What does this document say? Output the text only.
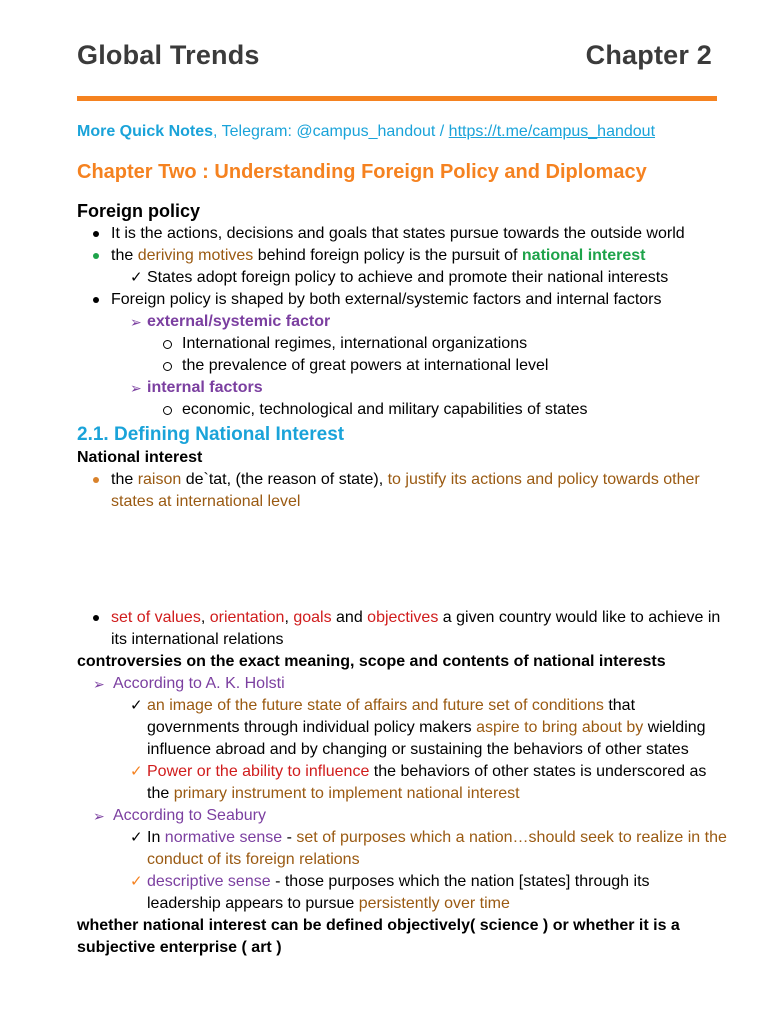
Global Trends	Chapter 2
More Quick Notes, Telegram: @campus_handout / https://t.me/campus_handout
Chapter Two : Understanding Foreign Policy and Diplomacy
Foreign policy
It is the actions, decisions and goals that states pursue towards the outside world
the deriving motives behind foreign policy is the pursuit of national interest
✓ States adopt foreign policy to achieve and promote their national interests
Foreign policy is shaped by both external/systemic factors and internal factors
➢ external/systemic factor
International regimes, international organizations
the prevalence of great powers at international level
➢ internal factors
economic, technological and military capabilities of states
2.1. Defining National Interest
National interest
the raison de`tat, (the reason of state), to justify its actions and policy towards other states at international level
set of values, orientation, goals and objectives a given country would like to achieve in its international relations
controversies on the exact meaning, scope and contents of national interests
➢ According to A. K. Holsti
✓ an image of the future state of affairs and future set of conditions that governments through individual policy makers aspire to bring about by wielding influence abroad and by changing or sustaining the behaviors of other states
✓ Power or the ability to influence the behaviors of other states is underscored as the primary instrument to implement national interest
➢ According to Seabury
✓ In normative sense - set of purposes which a nation…should seek to realize in the conduct of its foreign relations
✓ descriptive sense - those purposes which the nation [states] through its leadership appears to pursue persistently over time
whether national interest can be defined objectively( science ) or whether it is a subjective enterprise ( art )
